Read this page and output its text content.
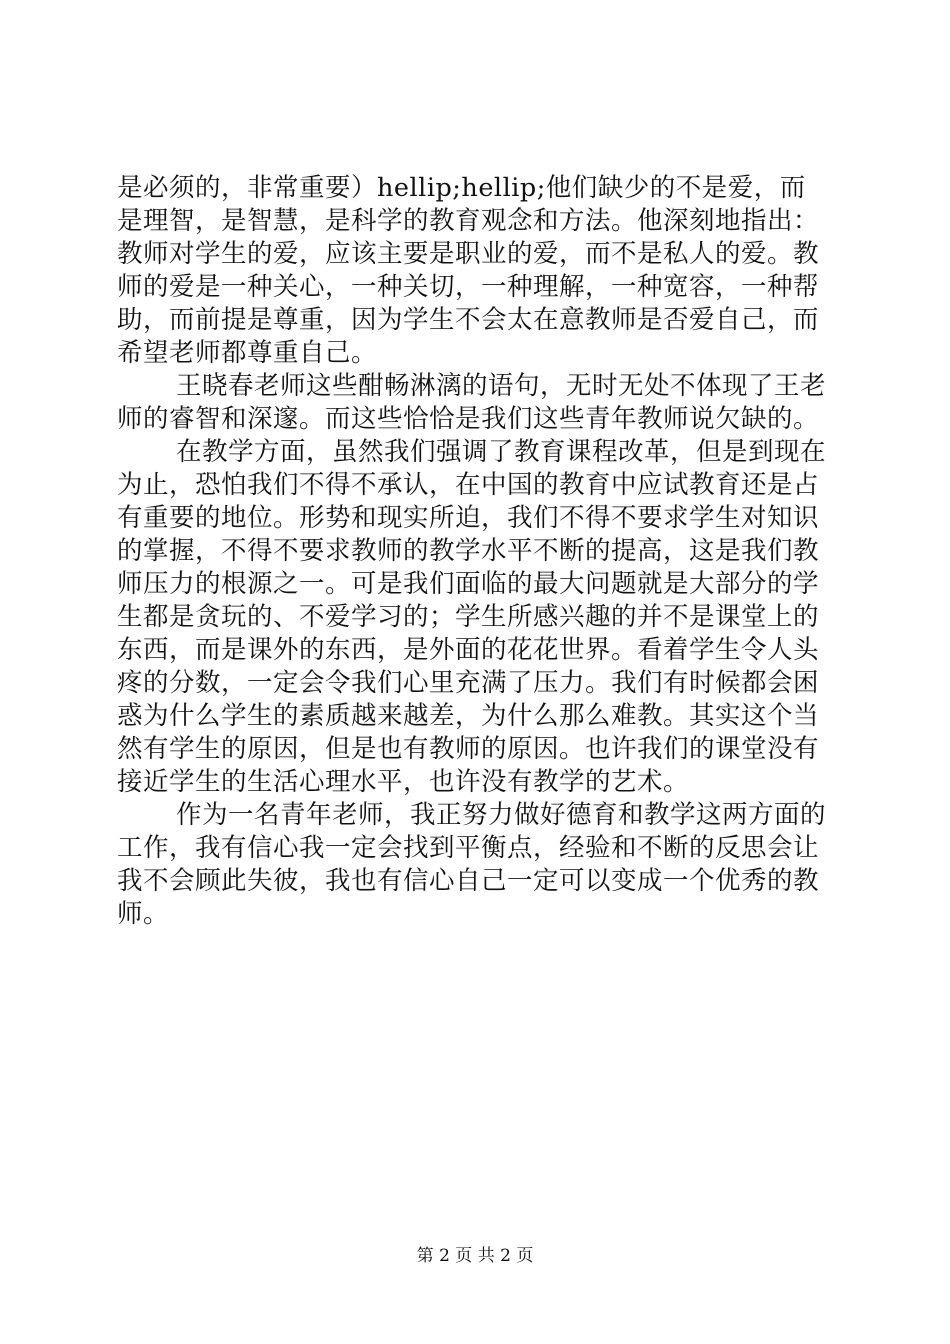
是必须的，非常重要）hellip;hellip;他们缺少的不是爱，而
是理智，是智慧，是科学的教育观念和方法。他深刻地指出：
教师对学生的爱，应该主要是职业的爱，而不是私人的爱。教
师的爱是一种关心，一种关切，一种理解，一种宽容，一种帮
助，而前提是尊重，因为学生不会太在意教师是否爱自己，而
希望老师都尊重自己。
王晓春老师这些酣畅淋漓的语句，无时无处不体现了王老
师的睿智和深邃。而这些恰恰是我们这些青年教师说欠缺的。
在教学方面，虽然我们强调了教育课程改革，但是到现在
为止，恐怕我们不得不承认，在中国的教育中应试教育还是占
有重要的地位。形势和现实所迫，我们不得不要求学生对知识
的掌握，不得不要求教师的教学水平不断的提高，这是我们教
师压力的根源之一。可是我们面临的最大问题就是大部分的学
生都是贪玩的、不爱学习的；学生所感兴趣的并不是课堂上的
东西，而是课外的东西，是外面的花花世界。看着学生令人头
疼的分数，一定会令我们心里充满了压力。我们有时候都会困
惑为什么学生的素质越来越差，为什么那么难教。其实这个当
然有学生的原因，但是也有教师的原因。也许我们的课堂没有
接近学生的生活心理水平，也许没有教学的艺术。
作为一名青年老师，我正努力做好德育和教学这两方面的
工作，我有信心我一定会找到平衡点，经验和不断的反思会让
我不会顾此失彼，我也有信心自己一定可以变成一个优秀的教
师。
第 2 页 共 2 页
